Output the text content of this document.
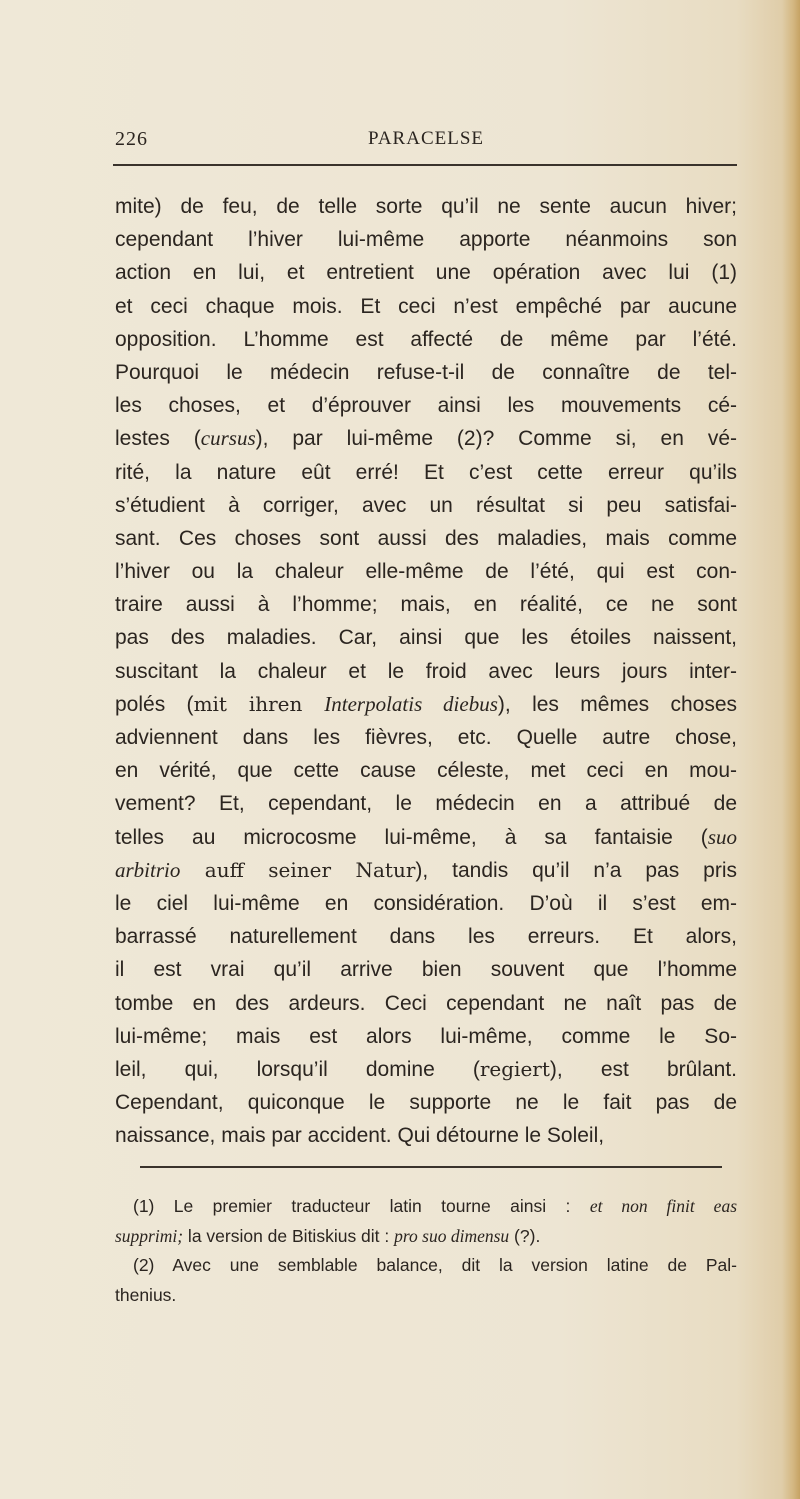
226	PARACELSE
mite) de feu, de telle sorte qu’il ne sente aucun hiver;
cependant l’hiver lui-même apporte néanmoins son
action en lui, et entretient une opération avec lui (1)
et ceci chaque mois. Et ceci n’est empêché par aucune
opposition. L’homme est affecté de même par l’été.
Pourquoi le médecin refuse-t-il de connaître de tel-
les choses, et d’éprouver ainsi les mouvements cé-
lestes (cursus), par lui-même (2)? Comme si, en vé-
rité, la nature eût erré! Et c’est cette erreur qu’ils
s’étudient à corriger, avec un résultat si peu satisfai-
sant. Ces choses sont aussi des maladies, mais comme
l’hiver ou la chaleur elle-même de l’été, qui est con-
traire aussi à l’homme; mais, en réalité, ce ne sont
pas des maladies. Car, ainsi que les étoiles naissent,
suscitant la chaleur et le froid avec leurs jours inter-
polés (mit ihren Interpolatis diebus), les mêmes choses
adviennent dans les fièvres, etc. Quelle autre chose,
en vérité, que cette cause céleste, met ceci en mou-
vement? Et, cependant, le médecin en a attribué de
telles au microcosme lui-même, à sa fantaisie (suo
arbitrio auff seiner Natur), tandis qu’il n’a pas pris
le ciel lui-même en considération. D’où il s’est em-
barrassé naturellement dans les erreurs. Et alors,
il est vrai qu’il arrive bien souvent que l’homme
tombe en des ardeurs. Ceci cependant ne naît pas de
lui-même; mais est alors lui-même, comme le So-
leil, qui, lorsqu’il domine (regiert), est brûlant.
Cependant, quiconque le supporte ne le fait pas de
naissance, mais par accident. Qui détourne le Soleil,
(1) Le premier traducteur latin tourne ainsi : et non finit eas
supprimi; la version de Bitiskius dit : pro suo dimensu (?).
(2) Avec une semblable balance, dit la version latine de Pal-
thenius.
